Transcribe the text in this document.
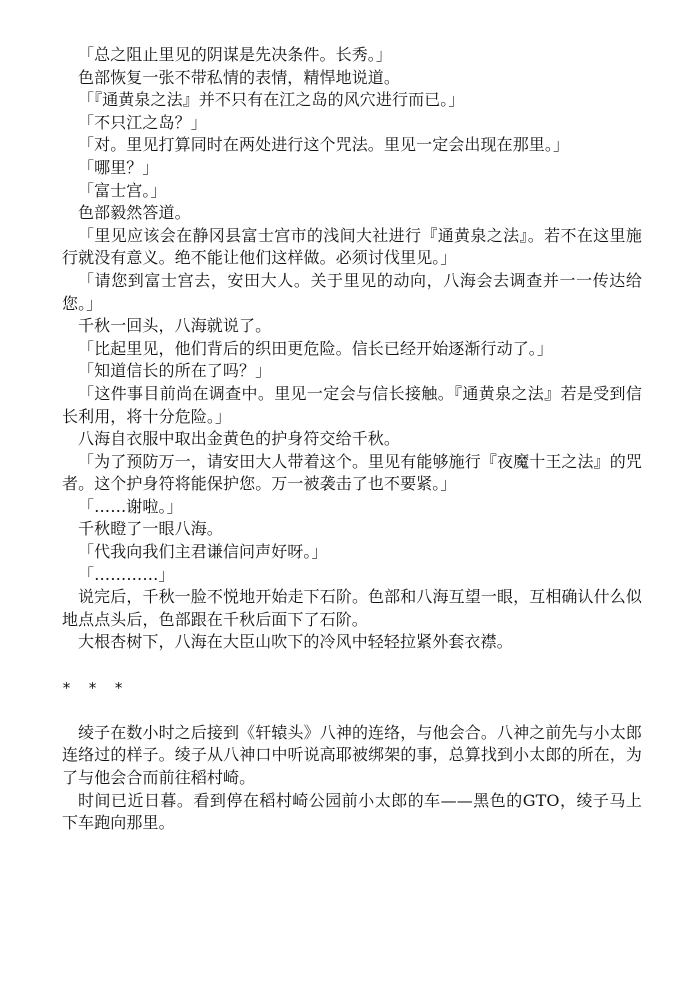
「总之阻止里见的阴谋是先决条件。长秀。」

色部恢复一张不带私情的表情，精悍地说道。

「『通黄泉之法』并不只有在江之岛的风穴进行而已。」

「不只江之岛？」

「对。里见打算同时在两处进行这个咒法。里见一定会出现在那里。」

「哪里？」

「富士宫。」

色部毅然答道。

「里见应该会在静冈县富士宫市的浅间大社进行『通黄泉之法』。若不在这里施行就没有意义。绝不能让他们这样做。必须讨伐里见。」

「请您到富士宫去，安田大人。关于里见的动向，八海会去调查并一一传达给您。」

千秋一回头，八海就说了。

「比起里见，他们背后的织田更危险。信长已经开始逐渐行动了。」

「知道信长的所在了吗？」

「这件事目前尚在调查中。里见一定会与信长接触。『通黄泉之法』若是受到信长利用，将十分危险。」

八海自衣服中取出金黄色的护身符交给千秋。

「为了预防万一，请安田大人带着这个。里见有能够施行『夜魔十王之法』的咒者。这个护身符将能保护您。万一被袭击了也不要紧。」

「……谢啦。」

千秋瞪了一眼八海。

「代我向我们主君谦信问声好呀。」

「…………」

说完后，千秋一脸不悦地开始走下石阶。色部和八海互望一眼，互相确认什么似地点点头后，色部跟在千秋后面下了石阶。

大根杏树下，八海在大臣山吹下的冷风中轻轻拉紧外套衣襟。

* * *

绫子在数小时之后接到《轩辕头》八神的连络，与他会合。八神之前先与小太郎连络过的样子。绫子从八神口中听说高耶被绑架的事，总算找到小太郎的所在，为了与他会合而前往稻村崎。

时间已近日暮。看到停在稻村崎公园前小太郎的车——黑色的GTO，绫子马上下车跑向那里。
